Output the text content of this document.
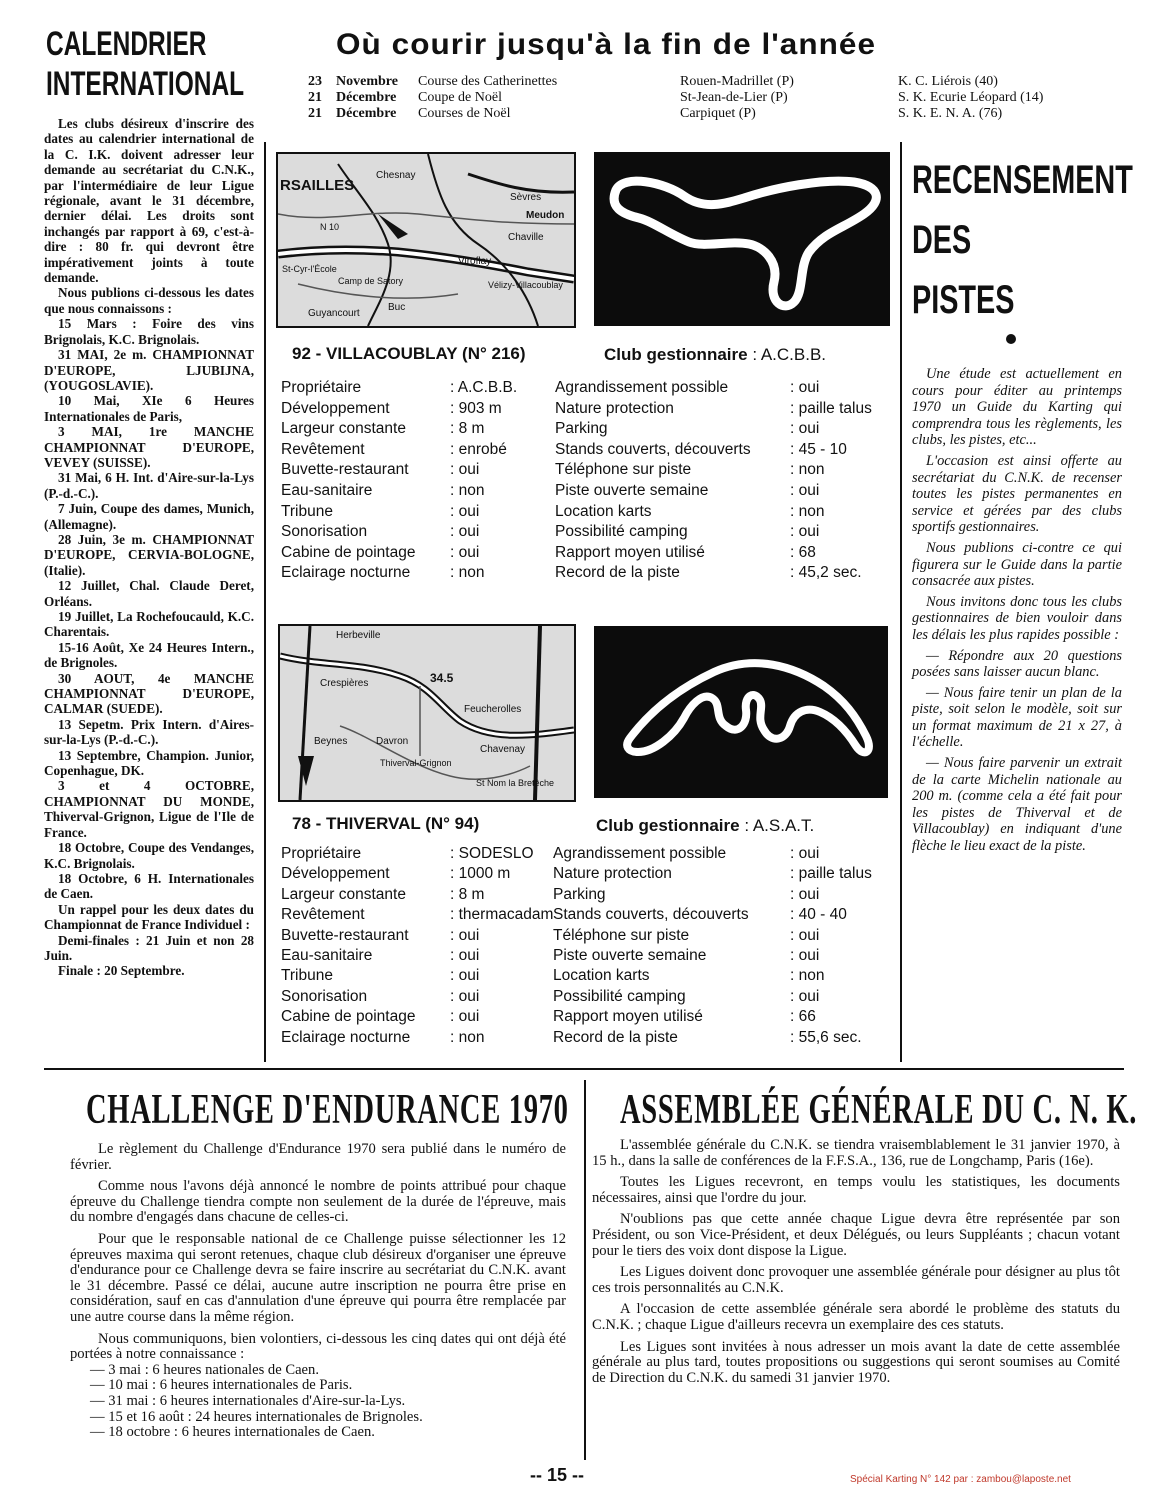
CALENDRIER
INTERNATIONAL

Les clubs désireux d'inscrire des dates au calendrier international de la C. I.K. doivent adresser leur demande au secrétariat du C.N.K., par l'intermédiaire de leur Ligue régionale, avant le 31 décembre, dernier délai. Les droits sont inchangés par rapport à 69, c'est-à-dire : 80 fr. qui devront être impérativement joints à toute demande.

Nous publions ci-dessous les dates que nous connaissons :

15 Mars : Foire des vins Brignolais, K.C. Brignolais.

31 MAI, 2e m. CHAMPIONNAT D'EUROPE, LJUBIJNA, (YOUGOSLAVIE).

10 Mai, XIe 6 Heures Internationales de Paris,

3 MAI, 1re MANCHE CHAMPIONNAT D'EUROPE, VEVEY (SUISSE).

31 Mai, 6 H. Int. d'Aire-sur-la-Lys (P.-d.-C.).

7 Juin, Coupe des dames, Munich, (Allemagne).

28 Juin, 3e m. CHAMPIONNAT D'EUROPE, CERVIA-BOLOGNE, (Italie).

12 Juillet, Chal. Claude Deret, Orléans.

19 Juillet, La Rochefoucauld, K.C. Charentais.

15-16 Août, Xe 24 Heures Intern., de Brignoles.

30 AOUT, 4e MANCHE CHAMPIONNAT D'EUROPE, CALMAR (SUEDE).

13 Sepetm. Prix Intern. d'Aires-sur-la-Lys (P.-d.-C.).

13 Septembre, Champion. Junior, Copenhague, DK.

3 et 4 OCTOBRE, CHAMPIONNAT DU MONDE, Thiverval-Grignon, Ligue de l'Ile de France.

18 Octobre, Coupe des Vendanges, K.C. Brignolais.

18 Octobre, 6 H. Internationales de Caen.

Un rappel pour les deux dates du Championnat de France Individuel :

Demi-finales : 21 Juin et non 28 Juin.

Finale : 20 Septembre.

Où courir jusqu'à la fin de l'année
23 Novembre Course des Catherinettes	Rouen-Madrillet (P)	K. C. Liérois (40)
21 Décembre Coupe de Noël	St-Jean-de-Lier (P)	S. K. Ecurie Léopard (14)
21 Décembre Courses de Noël	Carpiquet (P)	S. K. E. N. A. (76)
RSAILLES
Chesnay
Sèvres
Meudon
Chaville
Viroflay
Vélizy-Villacoublay
Buc
Guyancourt
St-Cyr-l'École
Camp de Satory
N 10
92 - VILLACOUBLAY (N° 216)	Club gestionnaire : A.C.B.B.
Propriétaire	: A.C.B.B.
Développement	: 903 m
Largeur constante	: 8 m
Revêtement	: enrobé
Buvette-restaurant	: oui
Eau-sanitaire	: non
Tribune	: oui
Sonorisation	: oui
Cabine de pointage : oui
Eclairage nocturne	: non
Agrandissement possible	: oui
Nature protection	: paille talus
Parking	: oui
Stands couverts, découverts	: 45 - 10
Téléphone sur piste	: non
Piste ouverte semaine	: oui
Location karts	: non
Possibilité camping	: oui
Rapport moyen utilisé	: 68
Record de la piste	: 45,2 sec.
Herbeville
Crespières	34.5
Feucherolles
Davron
Thiverval-Grignon
St Nom la Bretêche
Chavenay
Beynes
78 - THIVERVAL (N° 94)	Club gestionnaire : A.S.A.T.
Propriétaire	: SODESLO
Développement	: 1000 m
Largeur constante	: 8 m
Revêtement	: thermacadam
Buvette-restaurant	: oui
Eau-sanitaire	: oui
Tribune	: oui
Sonorisation	: oui
Cabine de pointage : oui
Eclairage nocturne	: non
Agrandissement possible	: oui
Nature protection	: paille talus
Parking	: oui
Stands couverts, découverts	: 40 - 40
Téléphone sur piste	: oui
Piste ouverte semaine	: oui
Location karts	: non
Possibilité camping	: oui
Rapport moyen utilisé	: 66
Record de la piste	: 55,6 sec.
RECENSEMENT
DES
PISTES

Une étude est actuellement en cours pour éditer au printemps 1970 un Guide du Karting qui comprendra tous les règlements, les clubs, les pistes, etc...

L'occasion est ainsi offerte au secrétariat du C.N.K. de recenser toutes les pistes permanentes en service et gérées par des clubs sportifs gestionnaires.

Nous publions ci-contre ce qui figurera sur le Guide dans la partie consacrée aux pistes.

Nous invitons donc tous les clubs gestionnaires de bien vouloir dans les délais les plus rapides possible :

— Répondre aux 20 questions posées sans laisser aucun blanc.

— Nous faire tenir un plan de la piste, soit selon le modèle, soit sur un format maximum de 21 x 27, à l'échelle.

— Nous faire parvenir un extrait de la carte Michelin nationale au 200 m. (comme cela a été fait pour les pistes de Thiverval et de Villacoublay) en indiquant d'une flèche le lieu exact de la piste.

CHALLENGE D'ENDURANCE 1970

Le règlement du Challenge d'Endurance 1970 sera publié dans le numéro de février.

Comme nous l'avons déjà annoncé le nombre de points attribué pour chaque épreuve du Challenge tiendra compte non seulement de la durée de l'épreuve, mais du nombre d'engagés dans chacune de celles-ci.

Pour que le responsable national de ce Challenge puisse sélectionner les 12 épreuves maxima qui seront retenues, chaque club désireux d'organiser une épreuve d'endurance pour ce Challenge devra se faire inscrire au secrétariat du C.N.K. avant le 31 décembre. Passé ce délai, aucune autre inscription ne pourra être prise en considération, sauf en cas d'annulation d'une épreuve qui pourra être remplacée par une autre course dans la même région.

Nous communiquons, bien volontiers, ci-dessous les cinq dates qui ont déjà été portées à notre connaissance :

— 3 mai : 6 heures nationales de Caen.

— 10 mai : 6 heures internationales de Paris.

— 31 mai : 6 heures internationales d'Aire-sur-la-Lys.

— 15 et 16 août : 24 heures internationales de Brignoles.

— 18 octobre : 6 heures internationales de Caen.

ASSEMBLÉE GÉNÉRALE DU C. N. K.

L'assemblée générale du C.N.K. se tiendra vraisemblablement le 31 janvier 1970, à 15 h., dans la salle de conférences de la F.F.S.A., 136, rue de Longchamp, Paris (16e).

Toutes les Ligues recevront, en temps voulu les statistiques, les documents nécessaires, ainsi que l'ordre du jour.

N'oublions pas que cette année chaque Ligue devra être représentée par son Président, ou son Vice-Président, et deux Délégués, ou leurs Suppléants ; chacun votant pour le tiers des voix dont dispose la Ligue.

Les Ligues doivent donc provoquer une assemblée générale pour désigner au plus tôt ces trois personnalités au C.N.K.

A l'occasion de cette assemblée générale sera abordé le problème des statuts du C.N.K. ; chaque Ligue d'ailleurs recevra un exemplaire des ces statuts.

Les Ligues sont invitées à nous adresser un mois avant la date de cette assemblée générale au plus tard, toutes propositions ou suggestions qui seront soumises au Comité de Direction du C.N.K. du samedi 31 janvier 1970.

-- 15 --	Spécial Karting N° 142 par : zambou@laposte.net
